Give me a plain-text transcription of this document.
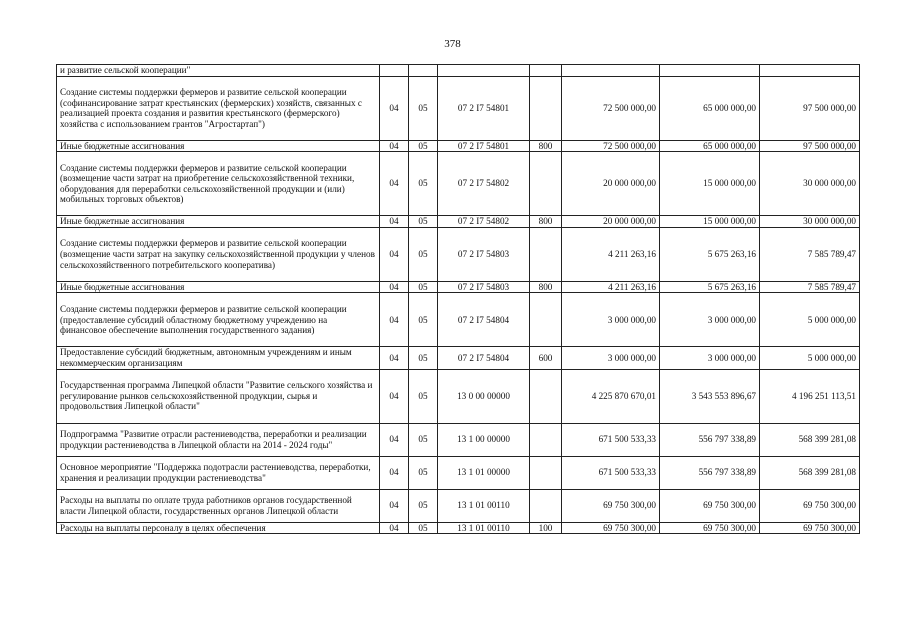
378
и развитие сельской кооперации"							
Создание системы поддержки фермеров и развитие сельской кооперации (софинансирование затрат крестьянских (фермерских) хозяйств, связанных с реализацией проекта создания и развития крестьянского (фермерского) хозяйства с использованием грантов "Агростартап")	04	05	07 2 I7 54801		72 500 000,00	65 000 000,00	97 500 000,00
Иные бюджетные ассигнования	04	05	07 2 I7 54801	800	72 500 000,00	65 000 000,00	97 500 000,00
Создание системы поддержки фермеров и развитие сельской кооперации (возмещение части затрат на приобретение сельскохозяйственной техники, оборудования для переработки сельскохозяйственной продукции и (или) мобильных торговых объектов)	04	05	07 2 I7 54802		20 000 000,00	15 000 000,00	30 000 000,00
Иные бюджетные ассигнования	04	05	07 2 I7 54802	800	20 000 000,00	15 000 000,00	30 000 000,00
Создание системы поддержки фермеров и развитие сельской кооперации (возмещение части затрат на закупку сельскохозяйственной продукции у членов сельскохозяйственного потребительского кооператива)	04	05	07 2 I7 54803		4 211 263,16	5 675 263,16	7 585 789,47
Иные бюджетные ассигнования	04	05	07 2 I7 54803	800	4 211 263,16	5 675 263,16	7 585 789,47
Создание системы поддержки фермеров и развитие сельской кооперации (предоставление субсидий областному бюджетному учреждению на финансовое обеспечение выполнения государственного задания)	04	05	07 2 I7 54804		3 000 000,00	3 000 000,00	5 000 000,00
Предоставление субсидий бюджетным, автономным учреждениям и иным некоммерческим организациям	04	05	07 2 I7 54804	600	3 000 000,00	3 000 000,00	5 000 000,00
Государственная программа Липецкой области "Развитие сельского хозяйства и регулирование рынков сельскохозяйственной продукции, сырья и продовольствия Липецкой области"	04	05	13 0 00 00000		4 225 870 670,01	3 543 553 896,67	4 196 251 113,51
Подпрограмма "Развитие отрасли растениеводства, переработки и реализации продукции растениеводства в Липецкой области на 2014 - 2024 годы"	04	05	13 1 00 00000		671 500 533,33	556 797 338,89	568 399 281,08
Основное мероприятие "Поддержка подотрасли растениеводства, переработки, хранения и реализации продукции растениеводства"	04	05	13 1 01 00000		671 500 533,33	556 797 338,89	568 399 281,08
Расходы на выплаты по оплате труда работников органов государственной власти Липецкой области, государственных органов Липецкой области	04	05	13 1 01 00110		69 750 300,00	69 750 300,00	69 750 300,00
Расходы на выплаты персоналу в целях обеспечения	04	05	13 1 01 00110	100	69 750 300,00	69 750 300,00	69 750 300,00
